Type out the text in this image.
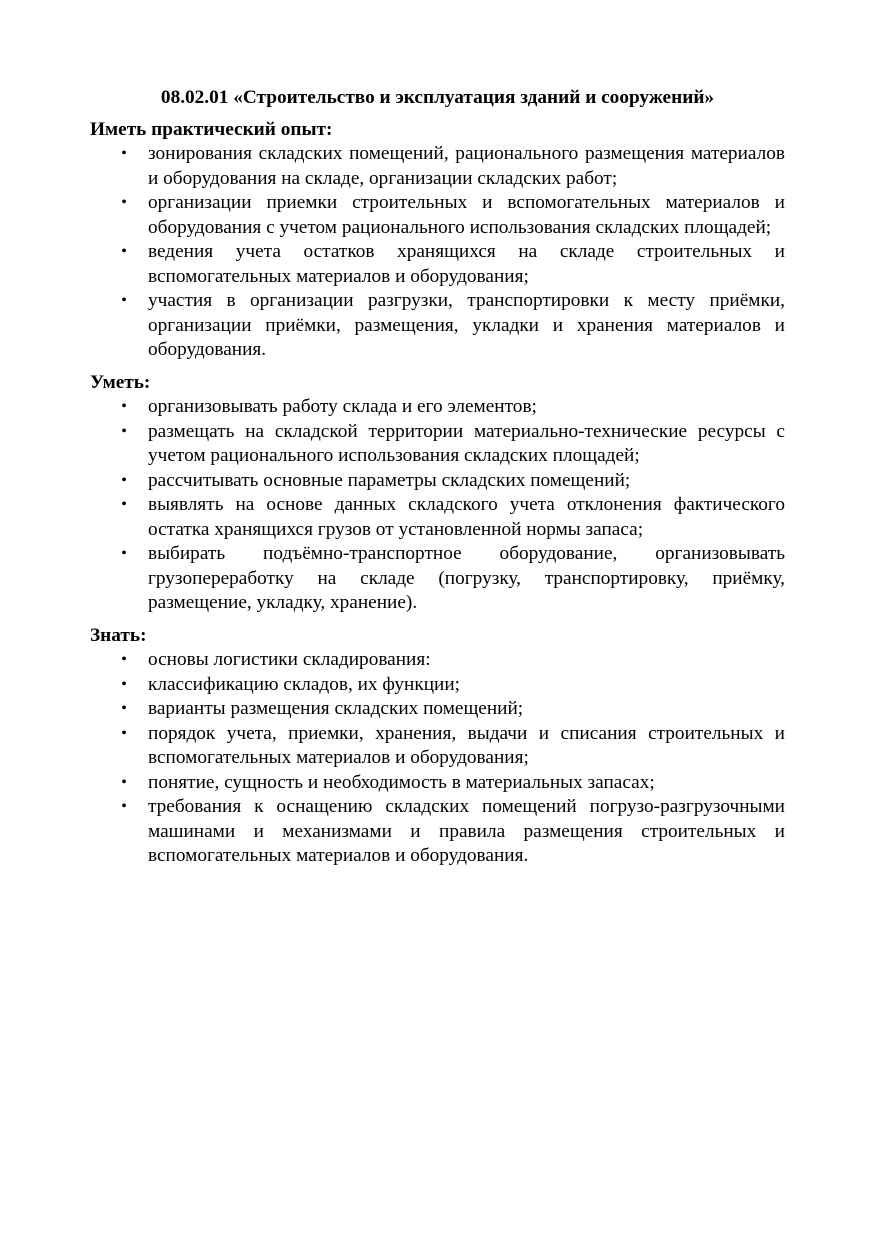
08.02.01 «Строительство и эксплуатация зданий и сооружений»
Иметь практический опыт:
• зонирования складских помещений, рационального размещения материалов и оборудования на складе, организации складских работ;
• организации приемки строительных и вспомогательных материалов и оборудования с учетом рационального использования складских площадей;
• ведения учета остатков хранящихся на складе строительных и вспомогательных материалов и оборудования;
• участия в организации разгрузки, транспортировки к месту приёмки, организации приёмки, размещения, укладки и хранения материалов и оборудования.
Уметь:
• организовывать работу склада и его элементов;
• размещать на складской территории материально-технические ресурсы с учетом рационального использования складских площадей;
• рассчитывать основные параметры складских помещений;
• выявлять на основе данных складского учета отклонения фактического остатка хранящихся грузов от установленной нормы запаса;
• выбирать подъёмно-транспортное оборудование, организовывать грузопереработку на складе (погрузку, транспортировку, приёмку, размещение, укладку, хранение).
Знать:
• основы логистики складирования:
• классификацию складов, их функции;
• варианты размещения складских помещений;
• порядок учета, приемки, хранения, выдачи и списания строительных и вспомогательных материалов и оборудования;
• понятие, сущность и необходимость в материальных запасах;
• требования к оснащению складских помещений погрузо-разгрузочными машинами и механизмами и правила размещения строительных и вспомогательных материалов и оборудования.
